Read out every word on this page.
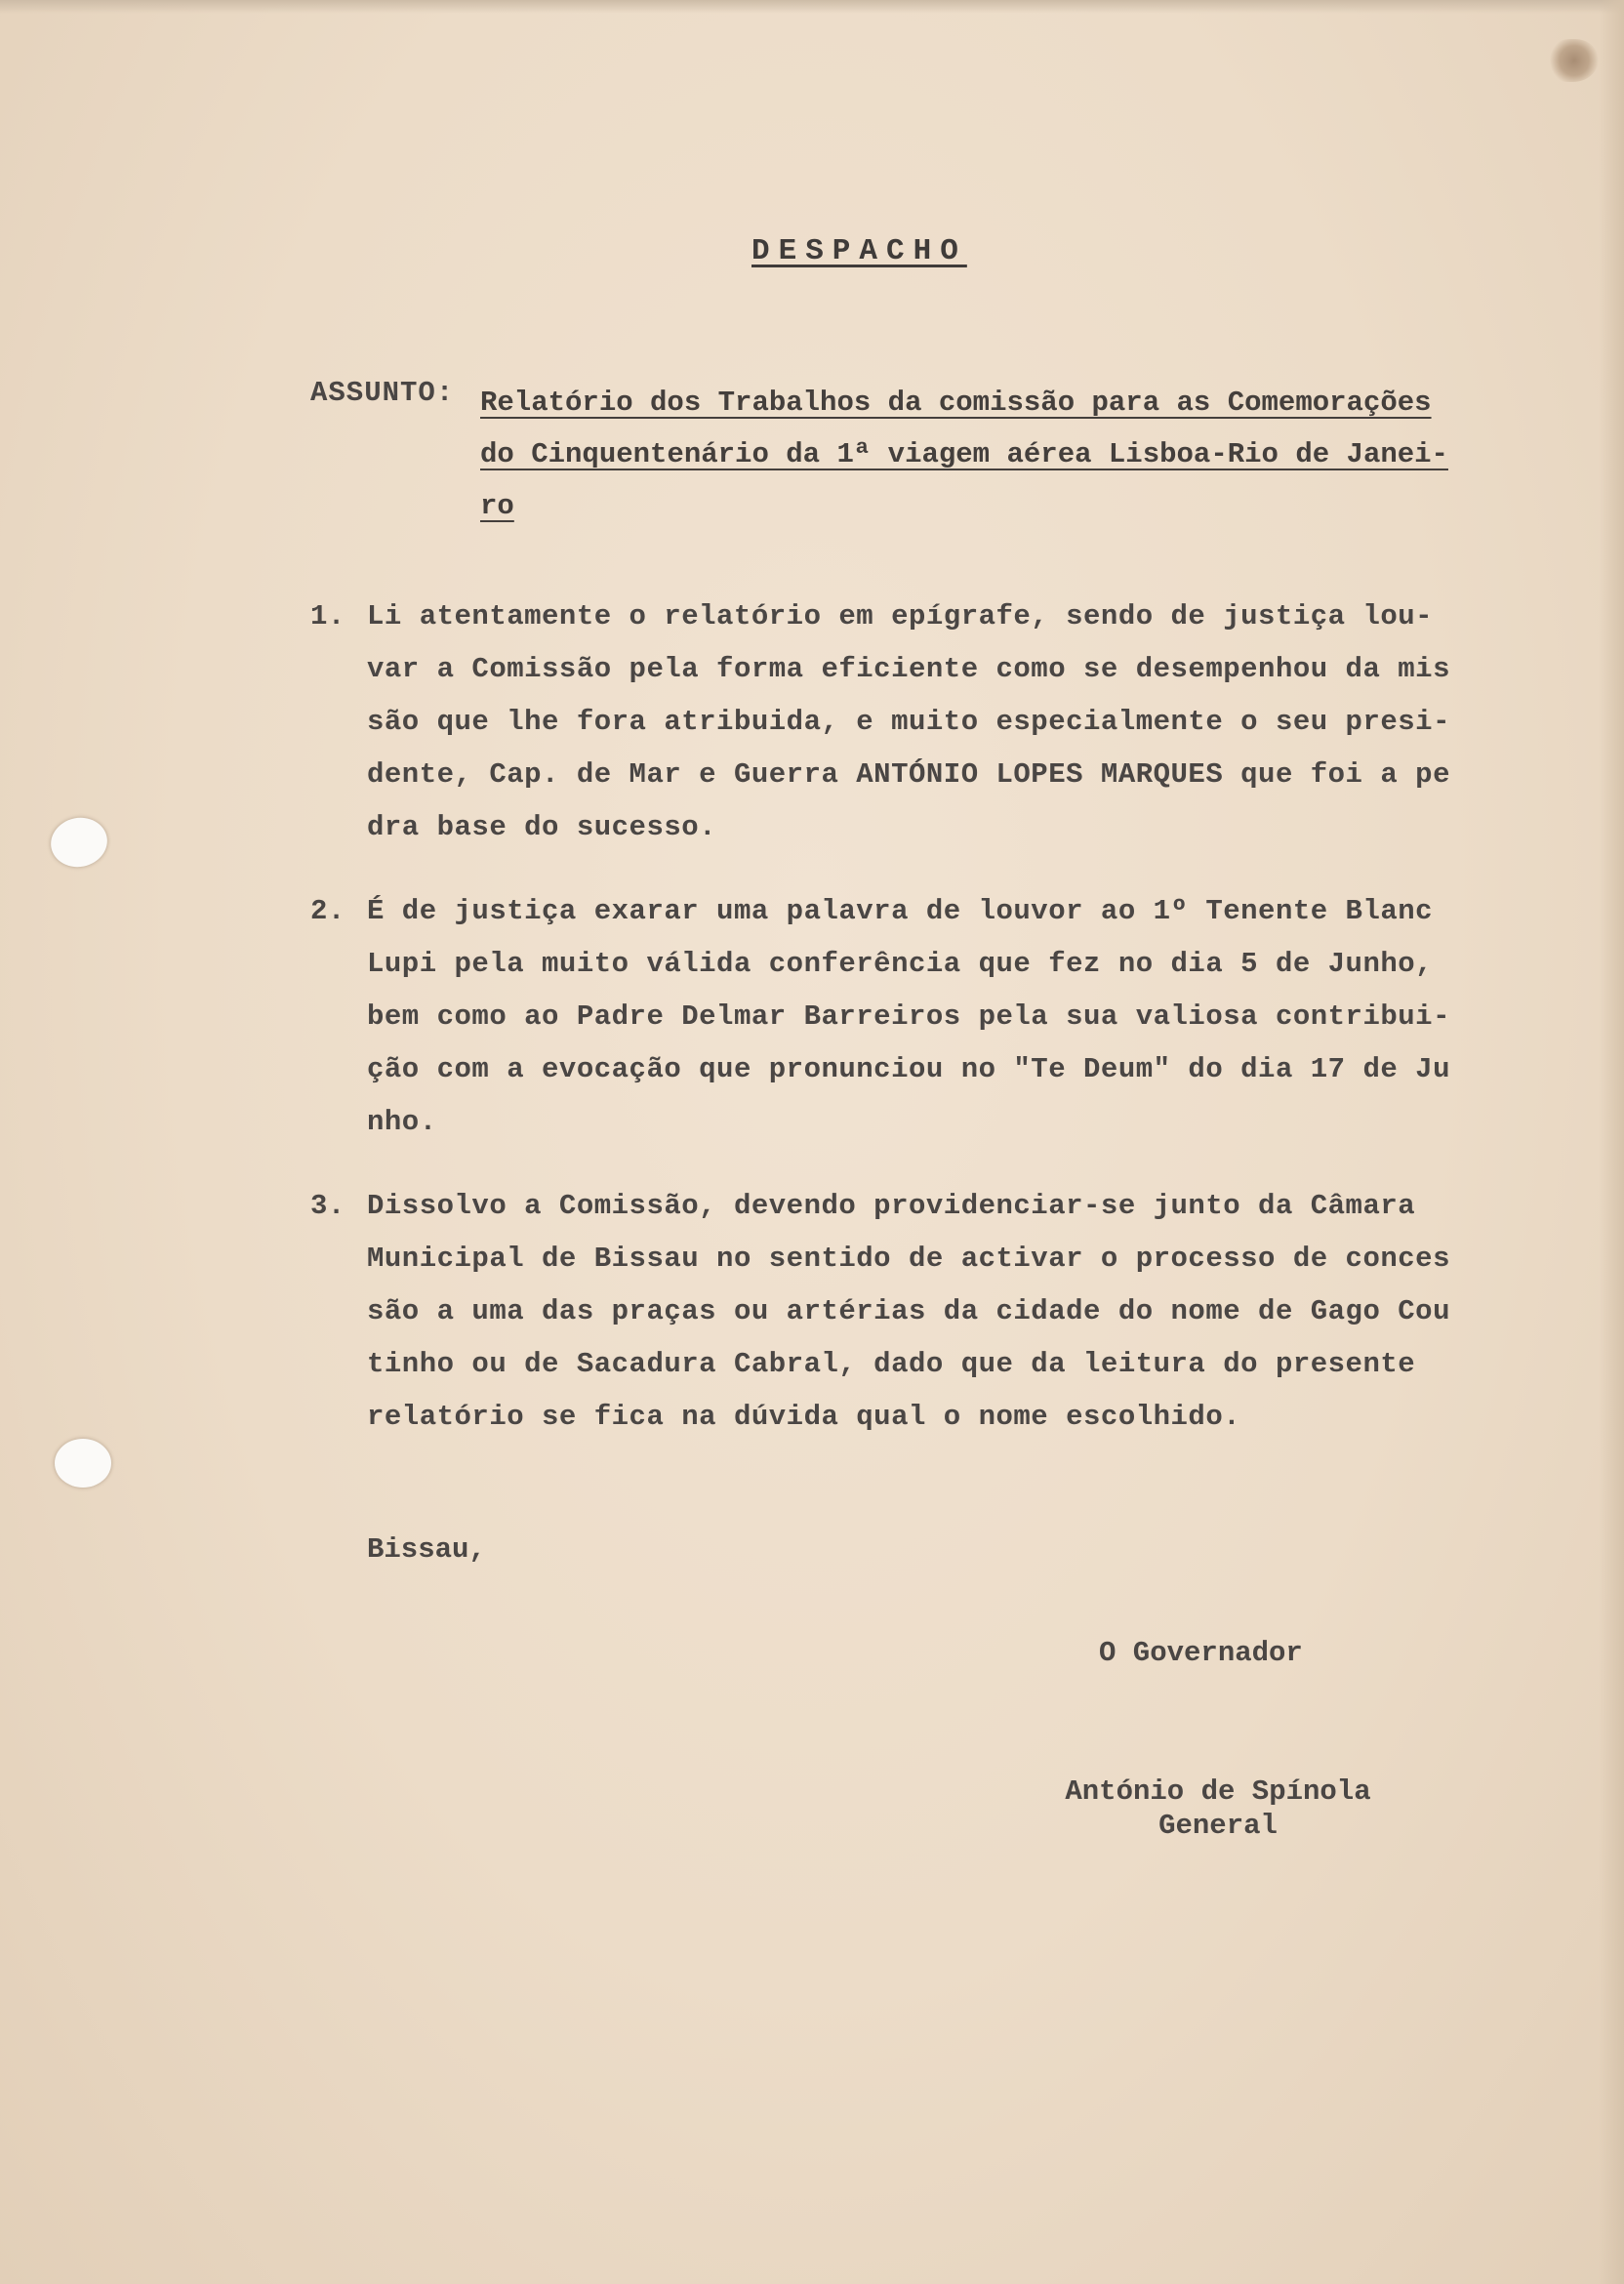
DESPACHO
ASSUNTO: Relatório dos Trabalhos da comissão para as Comemorações
do Cinquentenário da 1ª viagem aérea Lisboa-Rio de Janei-
ro
1. Li atentamente o relatório em epígrafe, sendo de justiça lou-
var a Comissão pela forma eficiente como se desempenhou da mis
são que lhe fora atribuida, e muito especialmente o seu presi-
dente, Cap. de Mar e Guerra ANTÓNIO LOPES MARQUES que foi a pe
dra base do sucesso.
2. É de justiça exarar uma palavra de louvor ao 1º Tenente Blanc
Lupi pela muito válida conferência que fez no dia 5 de Junho,
bem como ao Padre Delmar Barreiros pela sua valiosa contribui-
ção com a evocação que pronunciou no "Te Deum" do dia 17 de Ju
nho.
3. Dissolvo a Comissão, devendo providenciar-se junto da Câmara
Municipal de Bissau no sentido de activar o processo de conces
são a uma das praças ou artérias da cidade do nome de Gago Cou
tinho ou de Sacadura Cabral, dado que da leitura do presente
relatório se fica na dúvida qual o nome escolhido.
Bissau,
O Governador
António de Spínola
General
